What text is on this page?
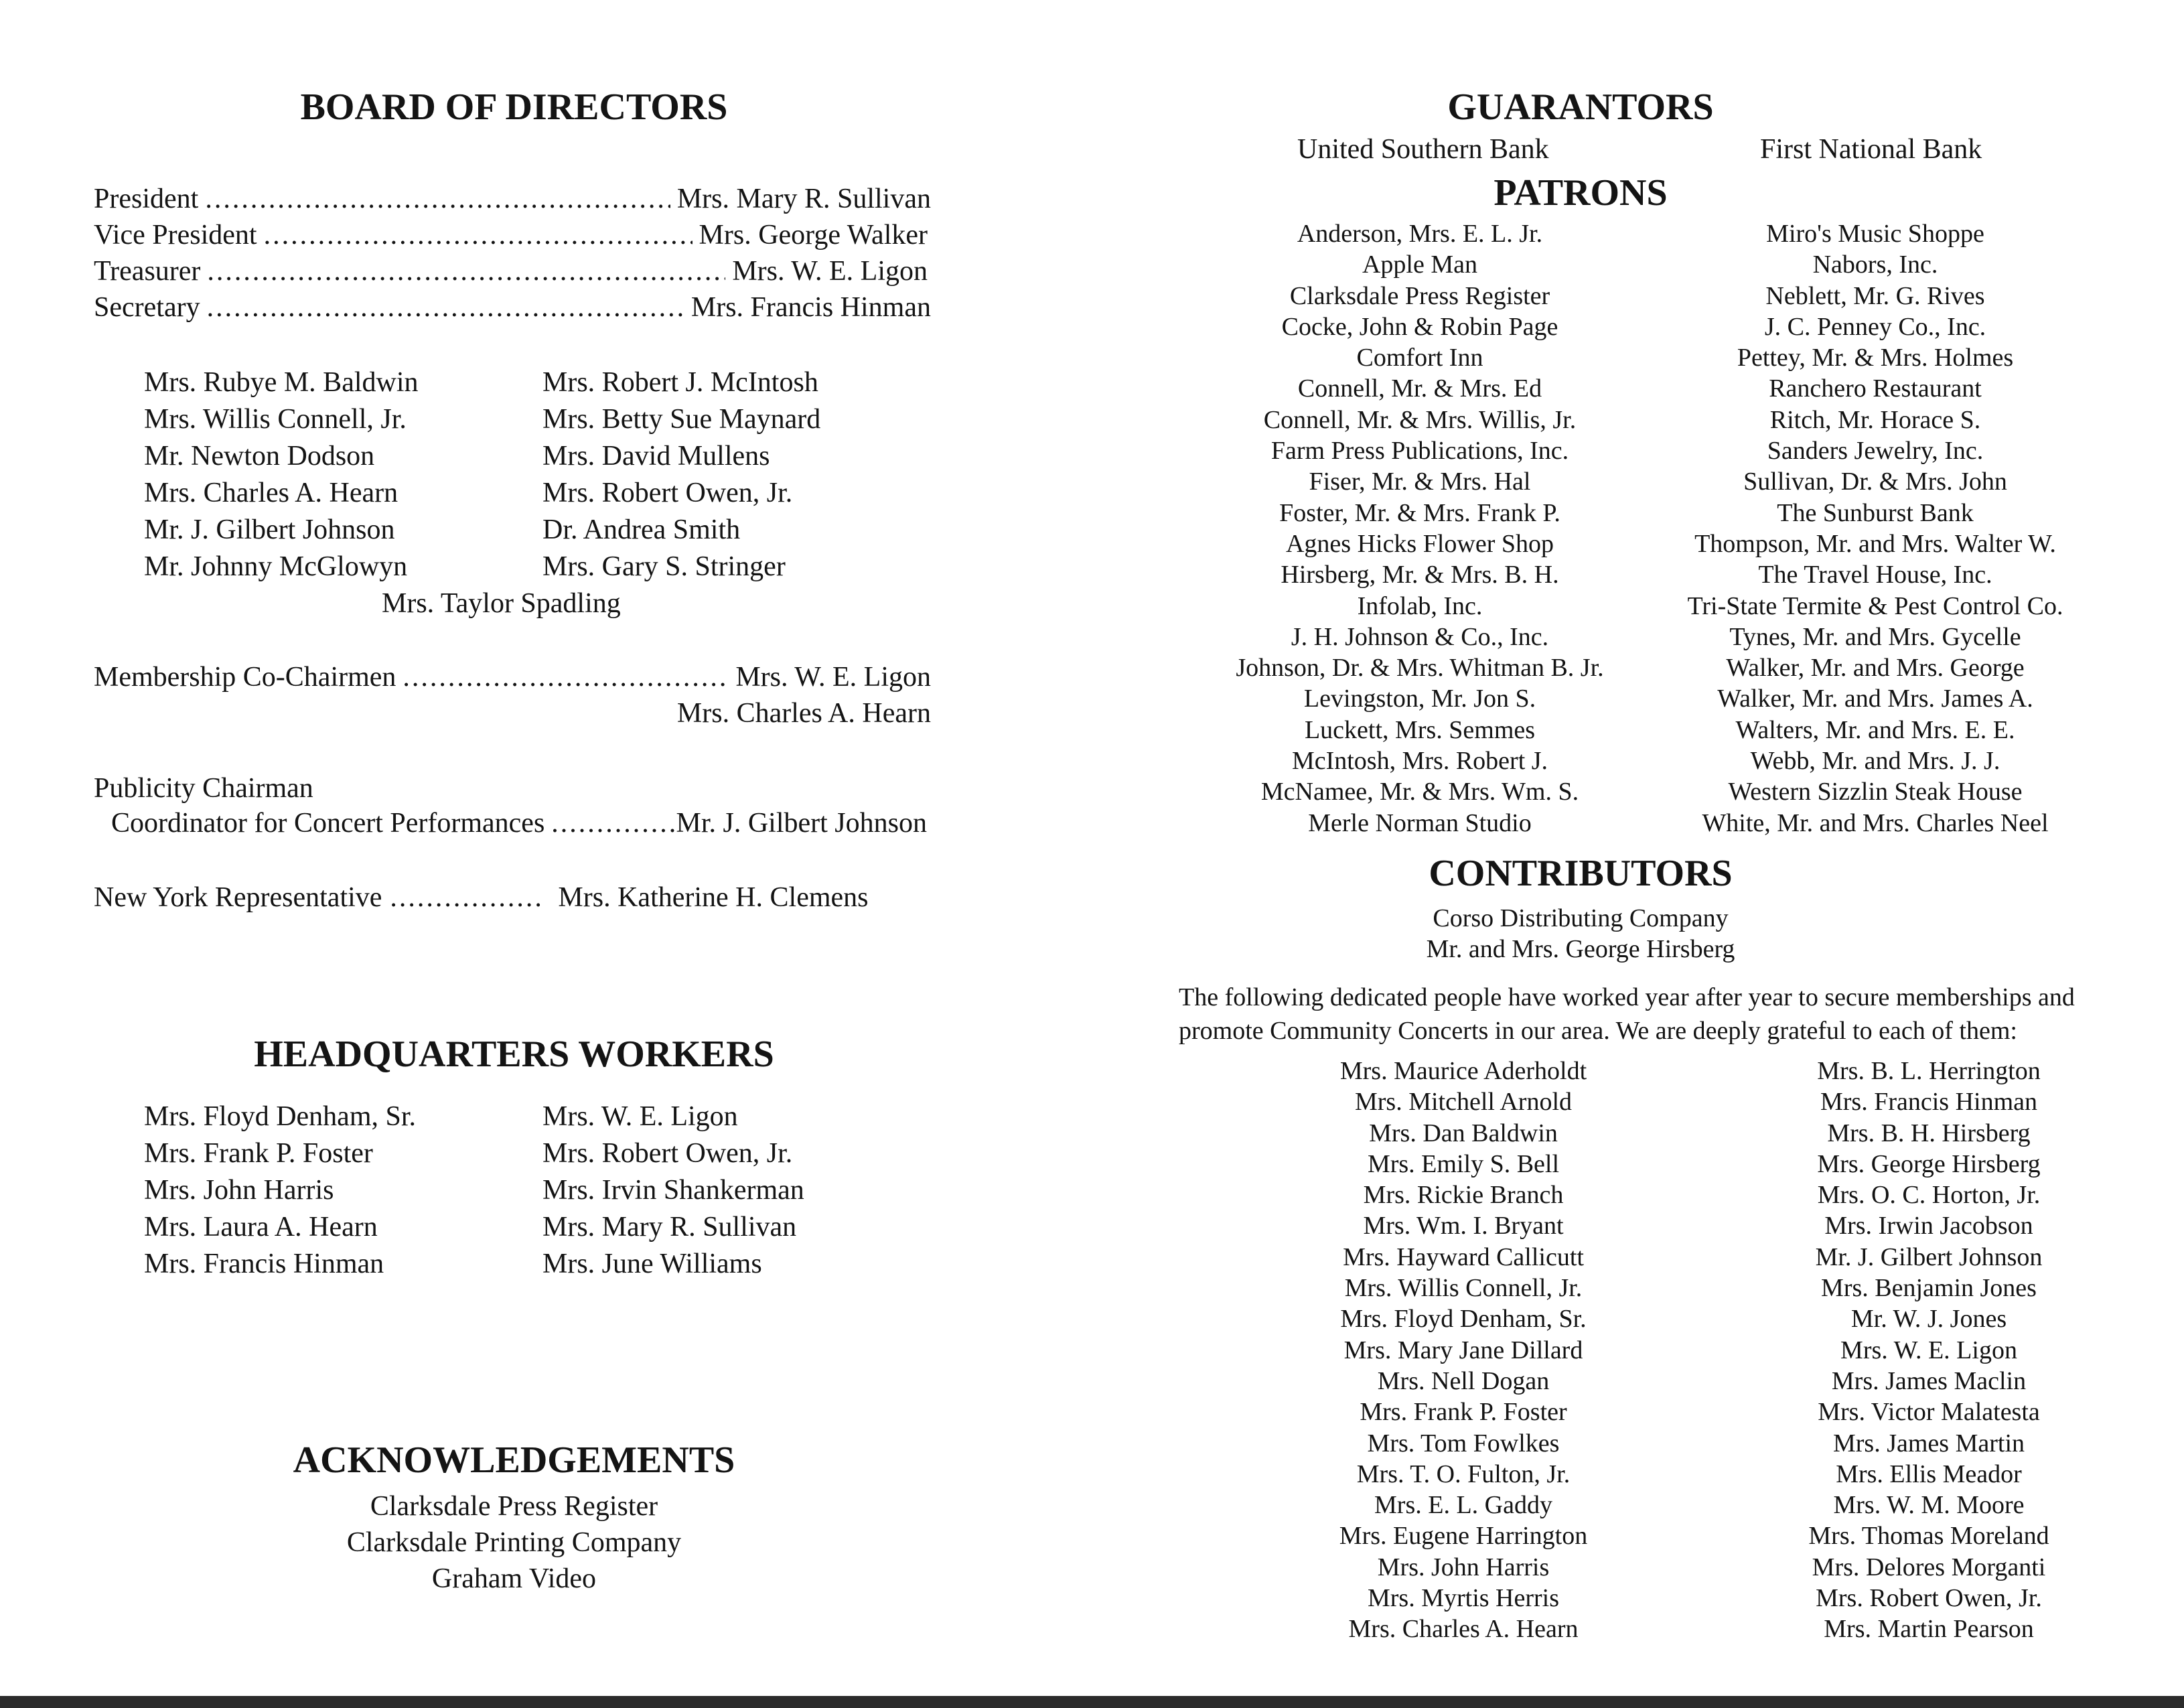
BOARD OF DIRECTORS
President .....	Mrs. Mary R. Sullivan
Vice President .....	Mrs. George Walker
Treasurer .....	Mrs. W. E. Ligon
Secretary .....	Mrs. Francis Hinman
Mrs. Rubye M. Baldwin
Mrs. Willis Connell, Jr.
Mr. Newton Dodson
Mrs. Charles A. Hearn
Mr. J. Gilbert Johnson
Mr. Johnny McGlowyn
Mrs. Robert J. McIntosh
Mrs. Betty Sue Maynard
Mrs. David Mullens
Mrs. Robert Owen, Jr.
Dr. Andrea Smith
Mrs. Gary S. Stringer
Mrs. Taylor Spadling
Membership Co-Chairmen .....	Mrs. W. E. Ligon
Mrs. Charles A. Hearn
Publicity Chairman
Coordinator for Concert Performances .....	Mr. J. Gilbert Johnson
New York Representative .....	Mrs. Katherine H. Clemens
HEADQUARTERS WORKERS
Mrs. Floyd Denham, Sr.
Mrs. Frank P. Foster
Mrs. John Harris
Mrs. Laura A. Hearn
Mrs. Francis Hinman
Mrs. W. E. Ligon
Mrs. Robert Owen, Jr.
Mrs. Irvin Shankerman
Mrs. Mary R. Sullivan
Mrs. June Williams
ACKNOWLEDGEMENTS
Clarksdale Press Register
Clarksdale Printing Company
Graham Video
GUARANTORS
United Southern Bank	First National Bank
PATRONS
Anderson, Mrs. E. L. Jr.
Apple Man
Clarksdale Press Register
Cocke, John & Robin Page
Comfort Inn
Connell, Mr. & Mrs. Ed
Connell, Mr. & Mrs. Willis, Jr.
Farm Press Publications, Inc.
Fiser, Mr. & Mrs. Hal
Foster, Mr. & Mrs. Frank P.
Agnes Hicks Flower Shop
Hirsberg, Mr. & Mrs. B. H.
Infolab, Inc.
J. H. Johnson & Co., Inc.
Johnson, Dr. & Mrs. Whitman B. Jr.
Levingston, Mr. Jon S.
Luckett, Mrs. Semmes
McIntosh, Mrs. Robert J.
McNamee, Mr. & Mrs. Wm. S.
Merle Norman Studio
Miro's Music Shoppe
Nabors, Inc.
Neblett, Mr. G. Rives
J. C. Penney Co., Inc.
Pettey, Mr. & Mrs. Holmes
Ranchero Restaurant
Ritch, Mr. Horace S.
Sanders Jewelry, Inc.
Sullivan, Dr. & Mrs. John
The Sunburst Bank
Thompson, Mr. and Mrs. Walter W.
The Travel House, Inc.
Tri-State Termite & Pest Control Co.
Tynes, Mr. and Mrs. Gycelle
Walker, Mr. and Mrs. George
Walker, Mr. and Mrs. James A.
Walters, Mr. and Mrs. E. E.
Webb, Mr. and Mrs. J. J.
Western Sizzlin Steak House
White, Mr. and Mrs. Charles Neel
CONTRIBUTORS
Corso Distributing Company
Mr. and Mrs. George Hirsberg
The following dedicated people have worked year after year to secure memberships and promote Community Concerts in our area. We are deeply grateful to each of them:
Mrs. Maurice Aderholdt
Mrs. Mitchell Arnold
Mrs. Dan Baldwin
Mrs. Emily S. Bell
Mrs. Rickie Branch
Mrs. Wm. I. Bryant
Mrs. Hayward Callicutt
Mrs. Willis Connell, Jr.
Mrs. Floyd Denham, Sr.
Mrs. Mary Jane Dillard
Mrs. Nell Dogan
Mrs. Frank P. Foster
Mrs. Tom Fowlkes
Mrs. T. O. Fulton, Jr.
Mrs. E. L. Gaddy
Mrs. Eugene Harrington
Mrs. John Harris
Mrs. Myrtis Herris
Mrs. Charles A. Hearn
Mrs. B. L. Herrington
Mrs. Francis Hinman
Mrs. B. H. Hirsberg
Mrs. George Hirsberg
Mrs. O. C. Horton, Jr.
Mrs. Irwin Jacobson
Mr. J. Gilbert Johnson
Mrs. Benjamin Jones
Mr. W. J. Jones
Mrs. W. E. Ligon
Mrs. James Maclin
Mrs. Victor Malatesta
Mrs. James Martin
Mrs. Ellis Meador
Mrs. W. M. Moore
Mrs. Thomas Moreland
Mrs. Delores Morganti
Mrs. Robert Owen, Jr.
Mrs. Martin Pearson
